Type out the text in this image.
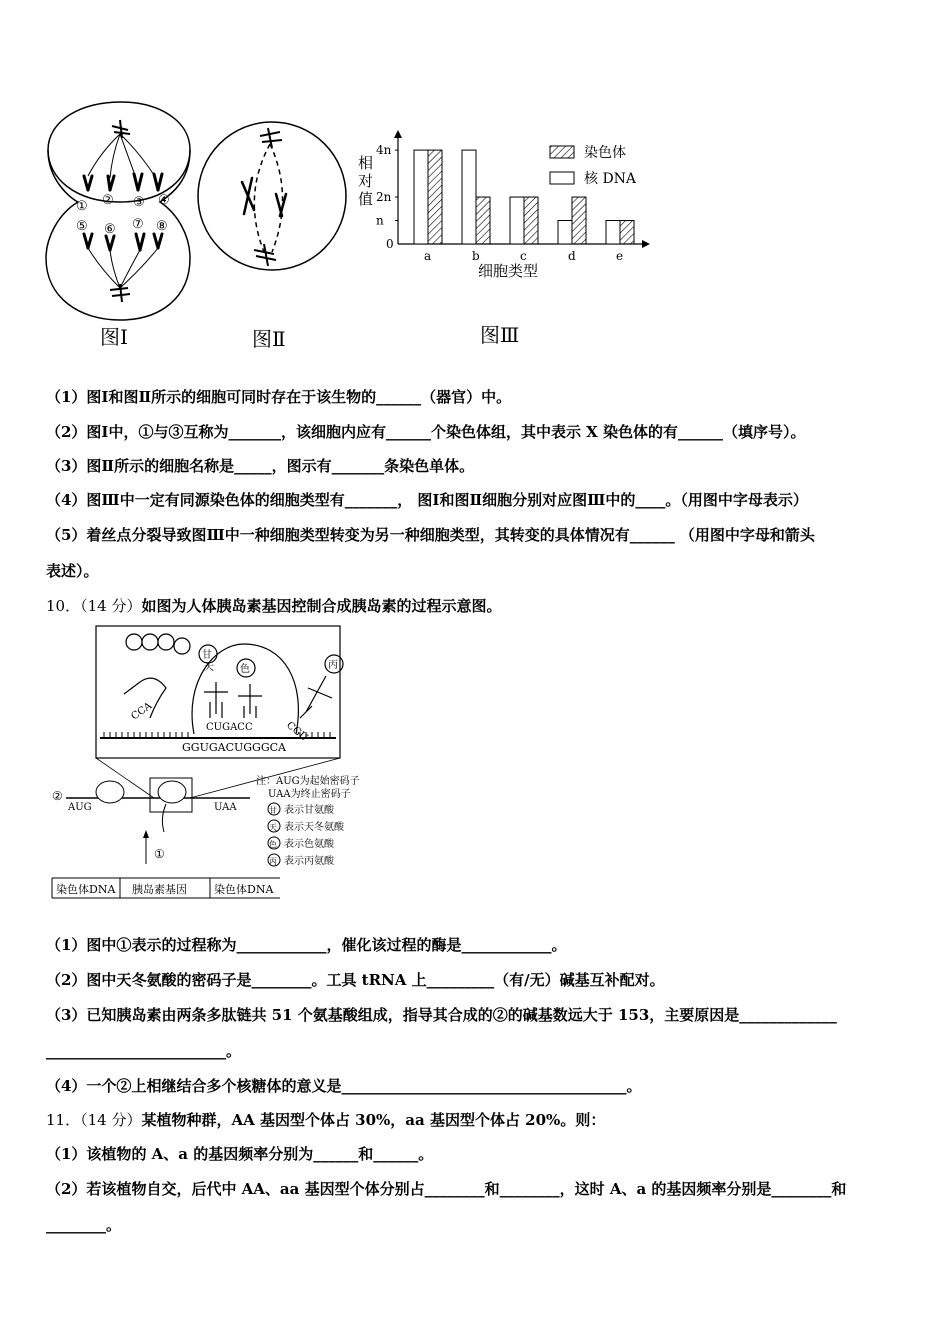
① ② ③ ④
⑤ ⑥ ⑦ ⑧
图Ⅰ	图Ⅱ
相
对
值
0
n
2n
4n
a	b	c	d	e
染色体
核 DNA
细胞类型
图Ⅲ
（1）图Ⅰ和图Ⅱ所示的细胞可同时存在于该生物的______（器官）中。
（2）图Ⅰ中，①与③互称为_______，该细胞内应有______个染色体组，其中表示 X 染色体的有______（填序号）。
（3）图Ⅱ所示的细胞名称是_____，图示有_______条染色单体。
（4）图Ⅲ中一定有同源染色体的细胞类型有_______， 图Ⅰ和图Ⅱ细胞分别对应图Ⅲ中的____。（用图中字母表示）
（5）着丝点分裂导致图Ⅲ中一种细胞类型转变为另一种细胞类型，其转变的具体情况有______ （用图中字母和箭头
表述）。
10．（14 分）如图为人体胰岛素基因控制合成胰岛素的过程示意图。
甘
天	色	丙
CCA
CUGACC	CGU
GGUGACUGGGCA
②
AUG	UAA
①
注：AUG为起始密码子
UAA为终止密码子
甘 表示甘氨酸
天 表示天冬氨酸
色 表示色氨酸
丙 表示丙氨酸
染色体DNA 胰岛素基因 染色体DNA
（1）图中①表示的过程称为____________，催化该过程的酶是____________。
（2）图中天冬氨酸的密码子是________。工具 tRNA 上_________（有/无）碱基互补配对。
（3）已知胰岛素由两条多肽链共 51 个氨基酸组成，指导其合成的②的碱基数远大于 153，主要原因是_____________
________________________。
（4）一个②上相继结合多个核糖体的意义是______________________________________。
11．（14 分）某植物种群，AA 基因型个体占 30%，aa 基因型个体占 20%。则：
（1）该植物的 A、a 的基因频率分别为______和______。
（2）若该植物自交，后代中 AA、aa 基因型个体分别占________和________，这时 A、a 的基因频率分别是________和
________。
